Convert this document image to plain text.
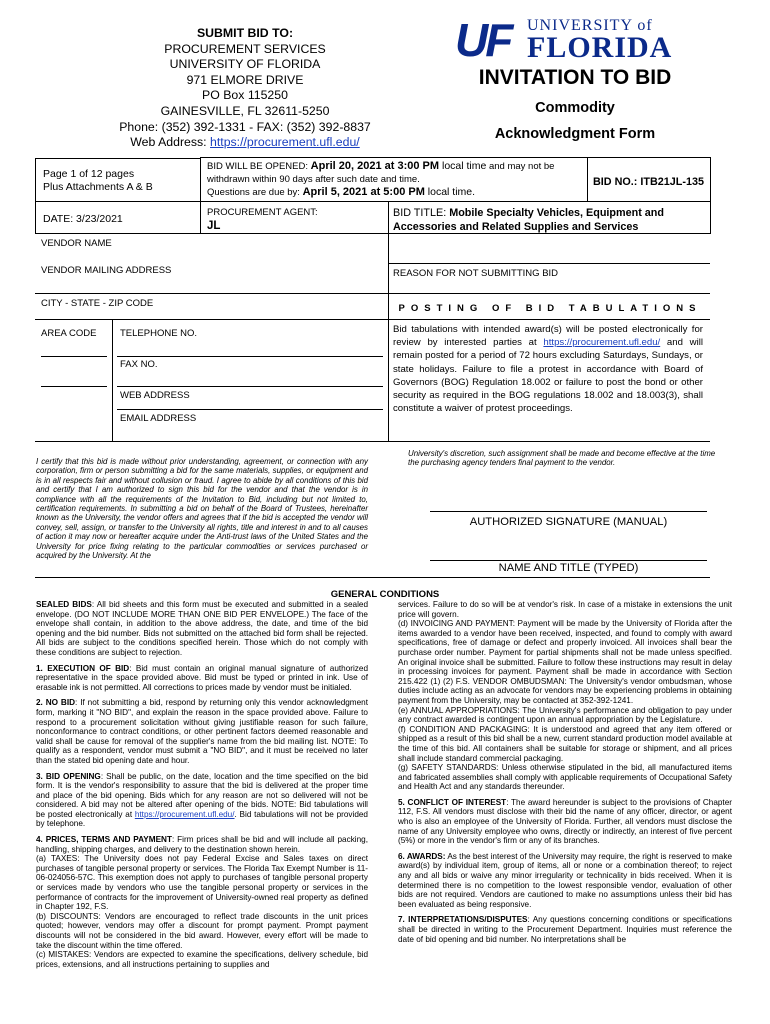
SUBMIT BID TO:
PROCUREMENT SERVICES
UNIVERSITY OF FLORIDA
971 ELMORE DRIVE
PO Box 115250
GAINESVILLE, FL 32611-5250
Phone: (352) 392-1331 - FAX: (352) 392-8837
Web Address: https://procurement.ufl.edu/
UF UNIVERSITY of
FLORIDA
INVITATION TO BID
Commodity
Acknowledgment Form
Page 1 of 12 pages
Plus Attachments A & B
BID WILL BE OPENED: April 20, 2021 at 3:00 PM local time and may not be
withdrawn within 90 days after such date and time.
Questions are due by: April 5, 2021 at 5:00 PM local time.
BID NO.: ITB21JL-135
DATE: 3/23/2021
PROCUREMENT AGENT:
JL
BID TITLE: Mobile Specialty Vehicles, Equipment and Accessories and Related Supplies and Services
VENDOR NAME
VENDOR MAILING ADDRESS	REASON FOR NOT SUBMITTING BID
CITY - STATE - ZIP CODE	POSTING OF BID TABULATIONS
AREA CODE TELEPHONE NO.
FAX NO.
WEB ADDRESS
EMAIL ADDRESS
Bid tabulations with intended award(s) will be posted electronically for review by interested parties at https://procurement.ufl.edu/ and will remain posted for a period of 72 hours excluding Saturdays, Sundays, or state holidays. Failure to file a protest in accordance with Board of Governors (BOG) Regulation 18.002 or failure to post the bond or other security as required in the BOG regulations 18.002 and 18.003(3), shall constitute a waiver of protest proceedings.
I certify that this bid is made without prior understanding, agreement, or connection with any corporation, firm or person submitting a bid for the same materials, supplies, or equipment and is in all respects fair and without collusion or fraud. I agree to abide by all conditions of this bid and certify that I am authorized to sign this bid for the vendor and that the vendor is in compliance with all the requirements of the Invitation to Bid, including but not limited to, certification requirements. In submitting a bid on behalf of the Board of Trustees, hereinafter known as the University, the vendor offers and agrees that if the bid is accepted the vendor will convey, sell, assign, or transfer to the University all rights, title and interest in and to all causes of action it may now or hereafter acquire under the Anti-trust laws of the United States and the University for price fixing relating to the particular commodities or services purchased or acquired by the University. At the
University's discretion, such assignment shall be made and become effective at the time the purchasing agency tenders final payment to the vendor.
AUTHORIZED SIGNATURE (MANUAL)
NAME AND TITLE (TYPED)
GENERAL CONDITIONS
SEALED BIDS: All bid sheets and this form must be executed and submitted in a sealed envelope. (DO NOT INCLUDE MORE THAN ONE BID PER ENVELOPE.) The face of the envelope shall contain, in addition to the above address, the date, and time of the bid opening and the bid number. Bids not submitted on the attached bid form shall be rejected. All bids are subject to the conditions specified herein. Those which do not comply with these conditions are subject to rejection.
1. EXECUTION OF BID: Bid must contain an original manual signature of authorized representative in the space provided above. Bid must be typed or printed in ink. Use of erasable ink is not permitted. All corrections to prices made by vendor must be initialed.
2. NO BID: If not submitting a bid, respond by returning only this vendor acknowledgment form, marking it "NO BID", and explain the reason in the space provided above. Failure to respond to a procurement solicitation without giving justifiable reason for such failure, nonconformance to contract conditions, or other pertinent factors deemed reasonable and valid shall be cause for removal of the supplier's name from the bid mailing list. NOTE: To qualify as a respondent, vendor must submit a "NO BID", and it must be received no later than the stated bid opening date and hour.
3. BID OPENING: Shall be public, on the date, location and the time specified on the bid form. It is the vendor's responsibility to assure that the bid is delivered at the proper time and place of the bid opening. Bids which for any reason are not so delivered will not be considered. A bid may not be altered after opening of the bids. NOTE: Bid tabulations will be posted electronically at https://procurement.ufl.edu/. Bid tabulations will not be provided by telephone.
4. PRICES, TERMS AND PAYMENT: Firm prices shall be bid and will include all packing, handling, shipping charges, and delivery to the destination shown herein.
(a) TAXES: The University does not pay Federal Excise and Sales taxes on direct purchases of tangible personal property or services. The Florida Tax Exempt Number is 11-06-024056-57C. This exemption does not apply to purchases of tangible personal property or services made by vendors who use the tangible personal property or services in the performance of contracts for the improvement of University-owned real property as defined in Chapter 192, F.S.
(b) DISCOUNTS: Vendors are encouraged to reflect trade discounts in the unit prices quoted; however, vendors may offer a discount for prompt payment. Prompt payment discounts will not be considered in the bid award. However, every effort will be made to take the discount within the time offered.
(c) MISTAKES: Vendors are expected to examine the specifications, delivery schedule, bid prices, extensions, and all instructions pertaining to supplies and
services. Failure to do so will be at vendor's risk. In case of a mistake in extensions the unit price will govern.
(d) INVOICING AND PAYMENT: Payment will be made by the University of Florida after the items awarded to a vendor have been received, inspected, and found to comply with award specifications, free of damage or defect and properly invoiced. All invoices shall bear the purchase order number. Payment for partial shipments shall not be made unless specified. An original invoice shall be submitted. Failure to follow these instructions may result in delay in processing invoices for payment. Payment shall be made in accordance with Section 215.422 (1) (2) F.S. VENDOR OMBUDSMAN: The University's vendor ombudsman, whose duties include acting as an advocate for vendors may be experiencing problems in obtaining payment from the University, may be contacted at 352-392-1241.
(e) ANNUAL APPROPRIATIONS: The University's performance and obligation to pay under any contract awarded is contingent upon an annual appropriation by the Legislature.
(f) CONDITION AND PACKAGING: It is understood and agreed that any item offered or shipped as a result of this bid shall be a new, current standard production model available at the time of this bid. All containers shall be suitable for storage or shipment, and all prices shall include standard commercial packaging.
(g) SAFETY STANDARDS: Unless otherwise stipulated in the bid, all manufactured items and fabricated assemblies shall comply with applicable requirements of Occupational Safety and Health Act and any standards thereunder.
5. CONFLICT OF INTEREST: The award hereunder is subject to the provisions of Chapter 112, F.S. All vendors must disclose with their bid the name of any officer, director, or agent who is also an employee of the University of Florida. Further, all vendors must disclose the name of any University employee who owns, directly or indirectly, an interest of five percent (5%) or more in the vendor's firm or any of its branches.
6. AWARDS: As the best interest of the University may require, the right is reserved to make award(s) by individual item, group of items, all or none or a combination thereof; to reject any and all bids or waive any minor irregularity or technicality in bids received. When it is determined there is no competition to the lowest responsible vendor, evaluation of other bids are not required. Vendors are cautioned to make no assumptions unless their bid has been evaluated as being responsive.
7. INTERPRETATIONS/DISPUTES: Any questions concerning conditions or specifications shall be directed in writing to the Procurement Department. Inquiries must reference the date of bid opening and bid number. No interpretations shall be
